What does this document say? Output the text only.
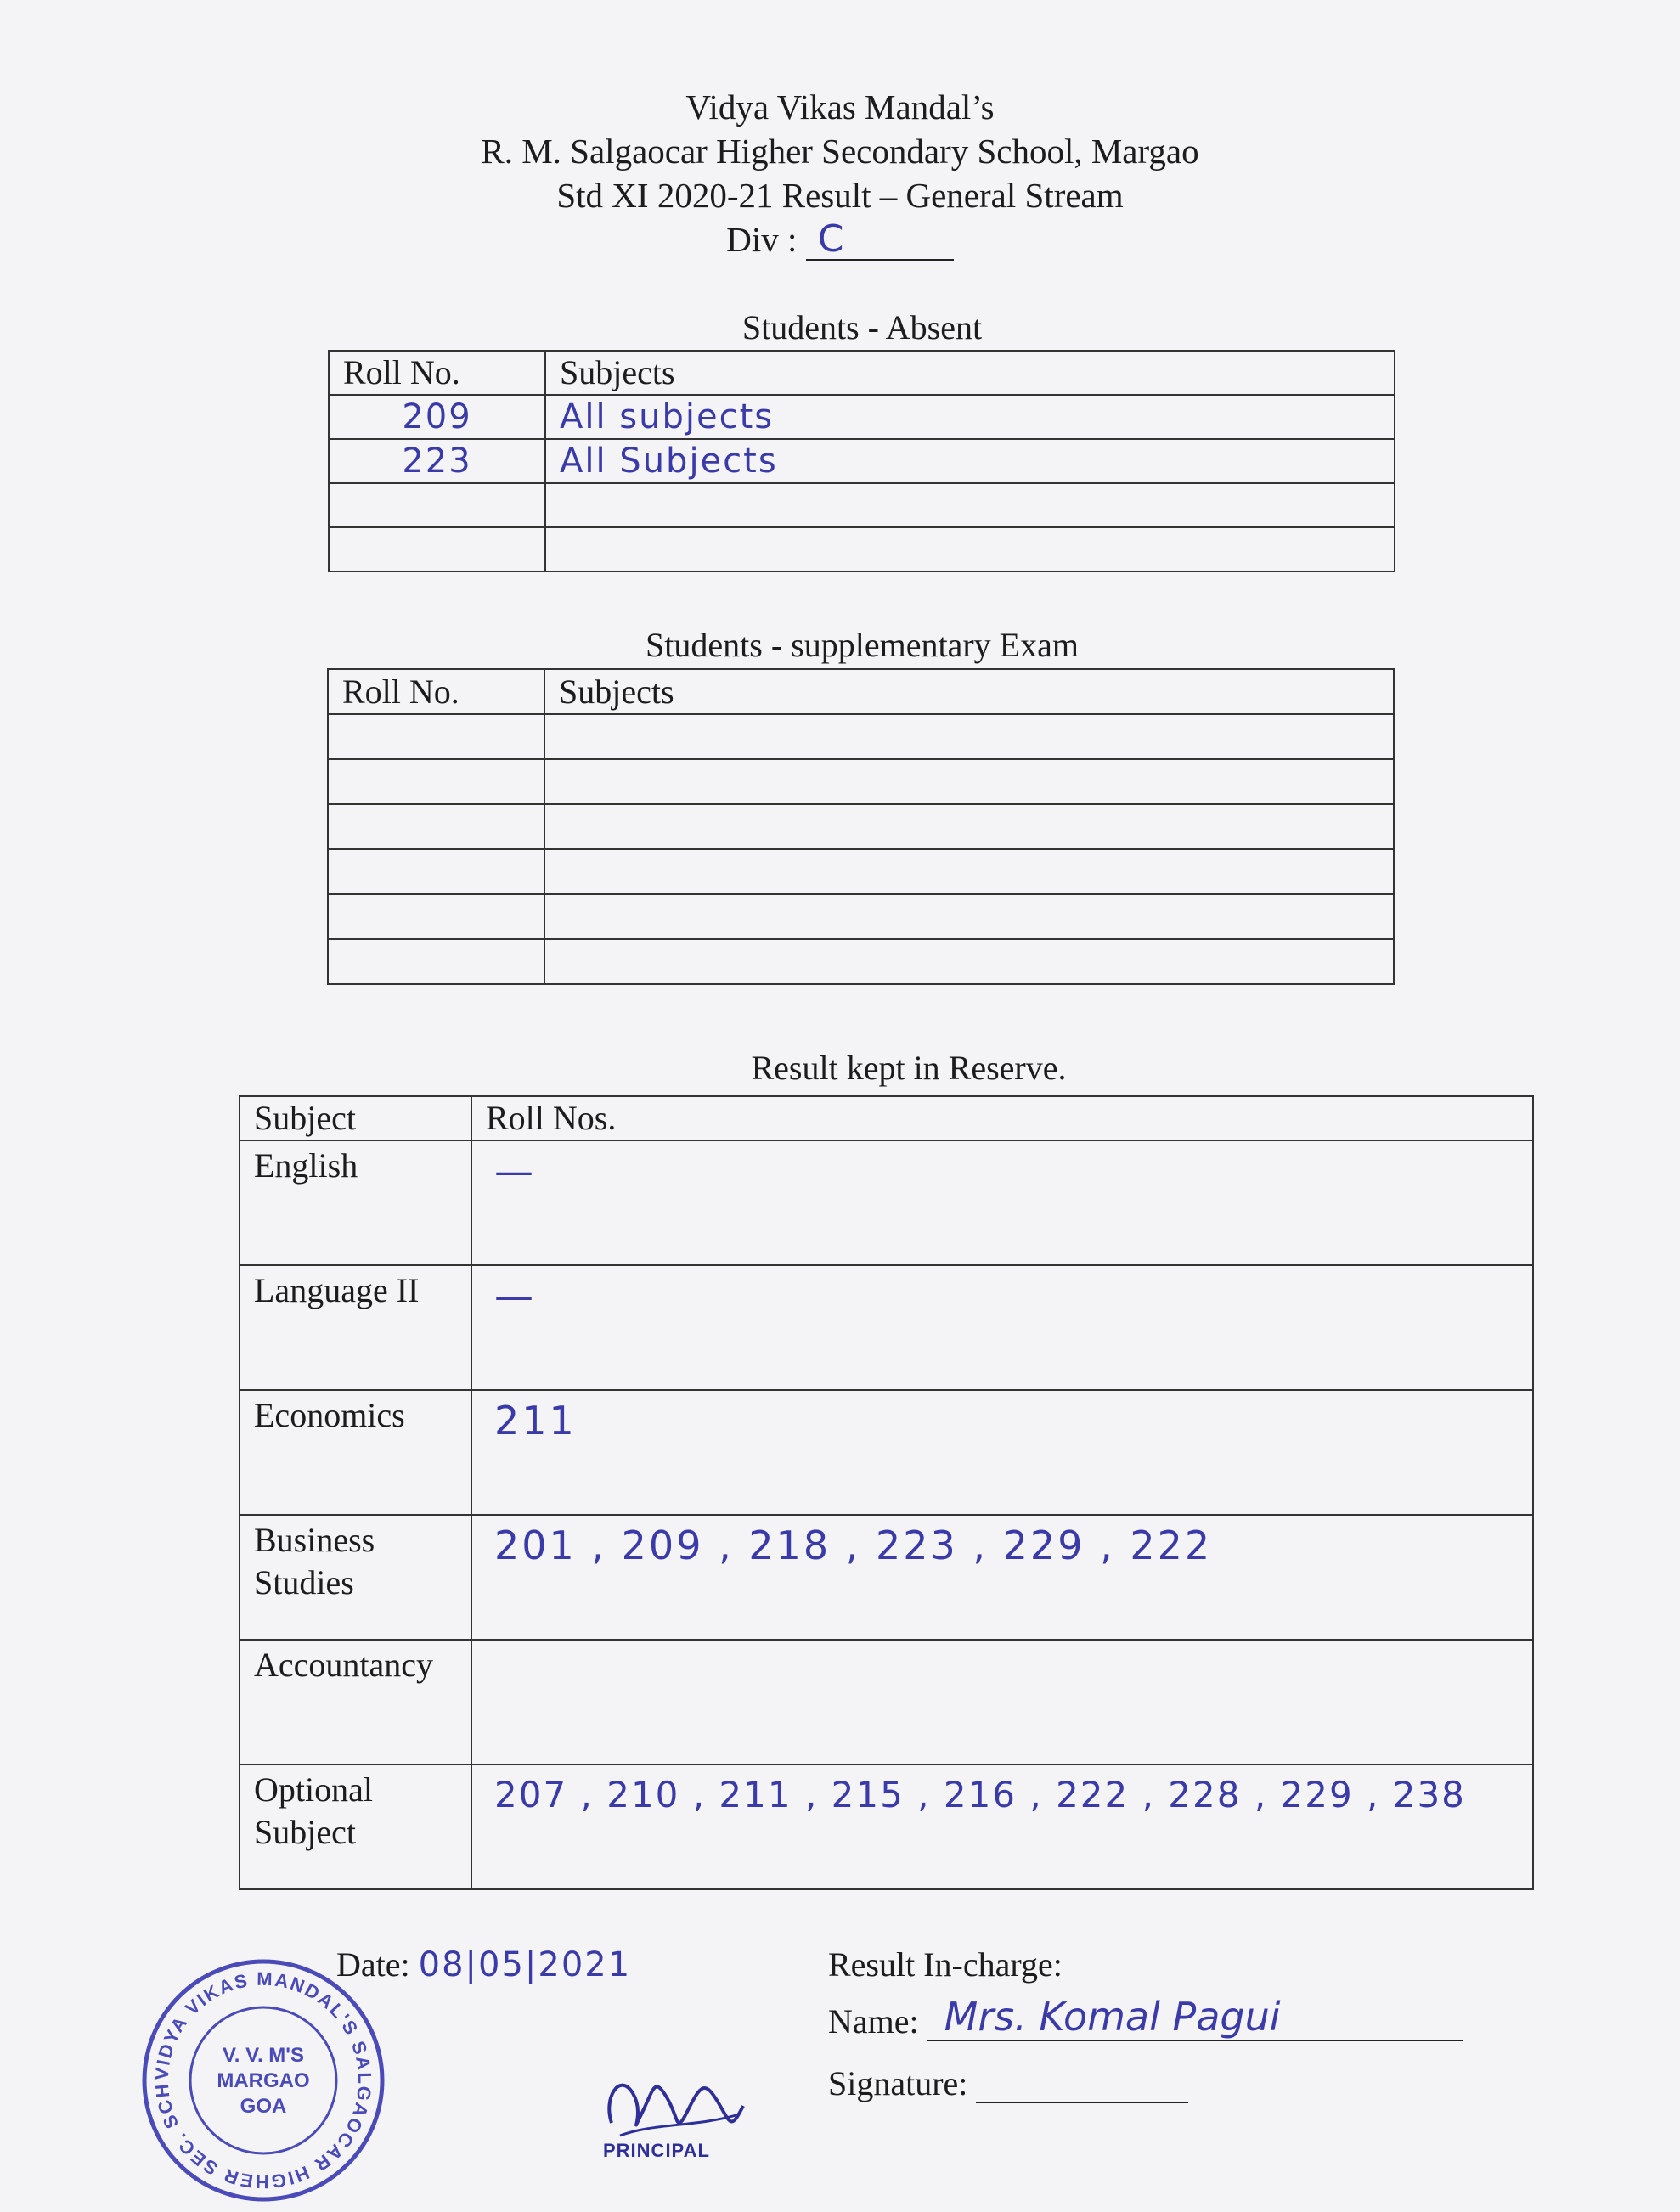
Vidya Vikas Mandal’s
R. M. Salgaocar Higher Secondary School, Margao
Std XI 2020-21 Result – General Stream
Div : C
Students - Absent
Roll No.	Subjects
209	All subjects
223	All Subjects

Students - supplementary Exam
Roll No.	Subjects

Result kept in Reserve.
Subject	Roll Nos.
English	—

Language II	—

Economics	211

Business Studies	201 , 209 , 218 , 223 , 229 , 222

Accountancy	

Optional Subject	207 , 210 , 211 , 215 , 216 , 222 , 228 , 229 , 238
Date: 08|05|2021	Result In-charge:
Name: Mrs. Komal Pagui
Signature:
PRINCIPAL
VIDYA VIKAS MANDAL'S SALGAOCAR HIGHER SEC. SCH
V. V. M'S
MARGAO
GOA
